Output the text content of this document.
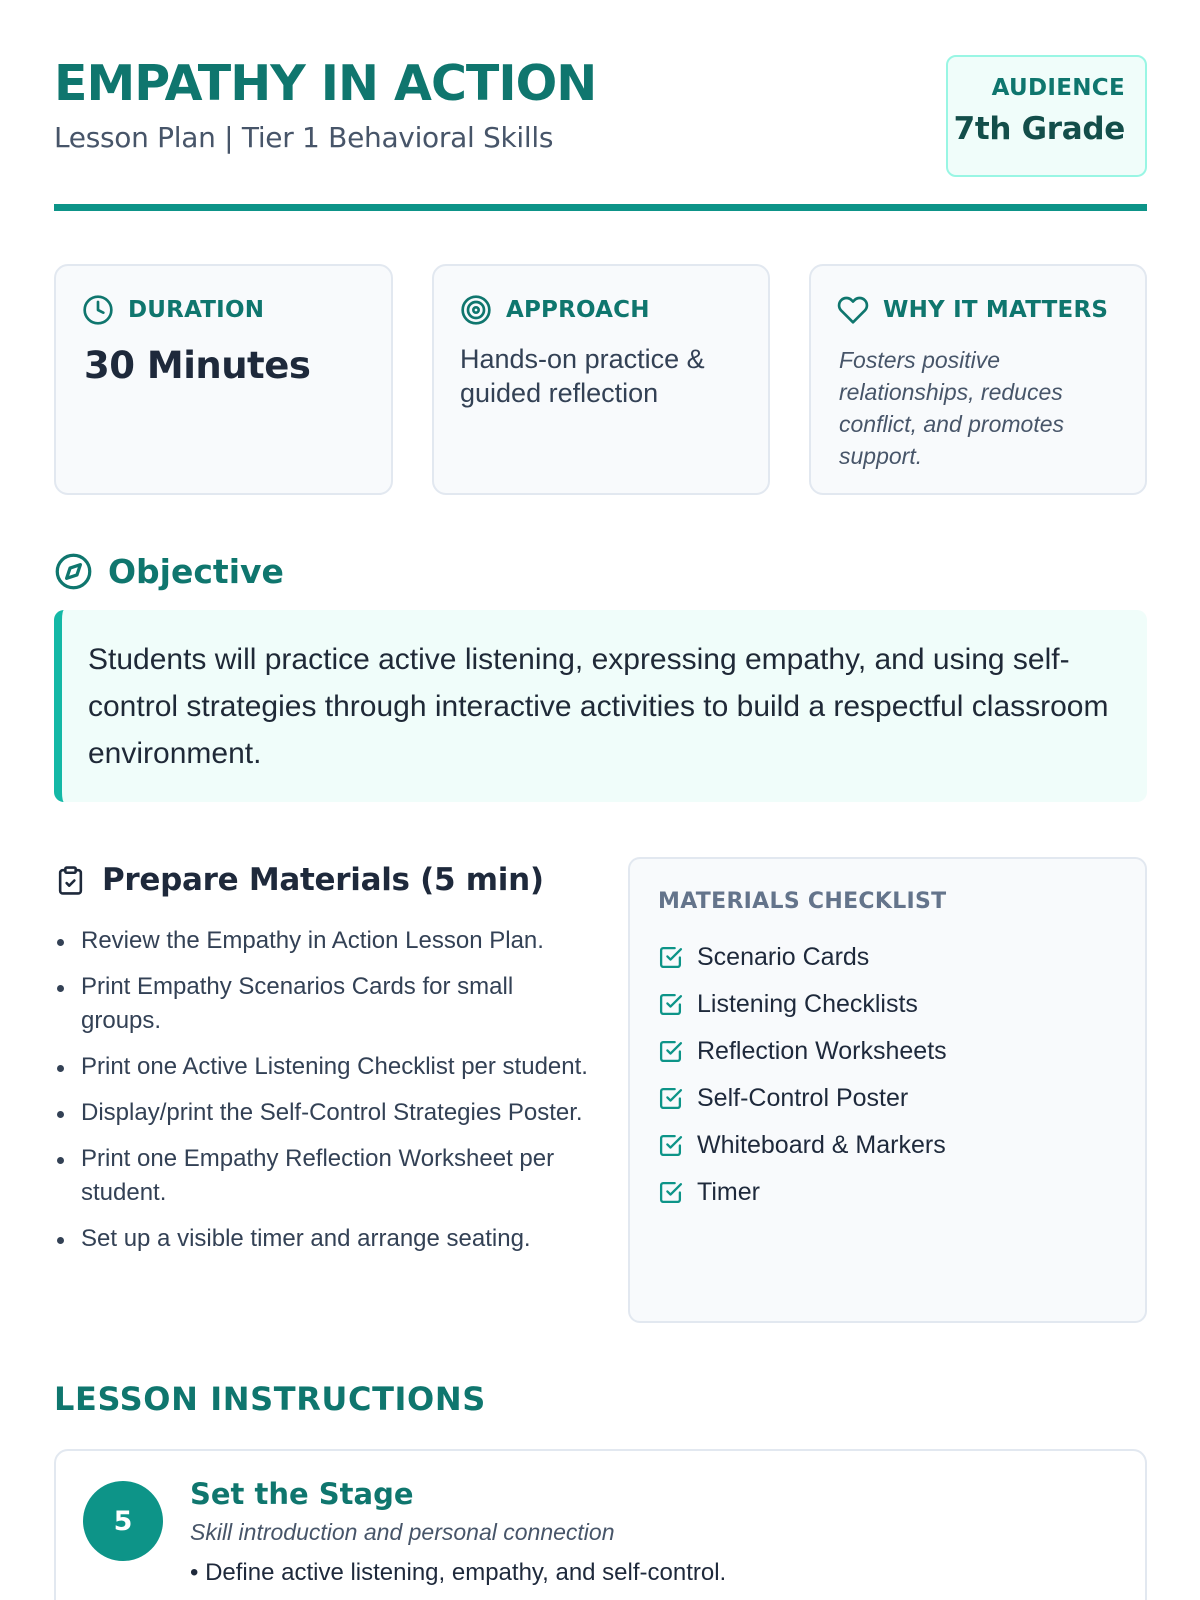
EMPATHY IN ACTION
Lesson Plan | Tier 1 Behavioral Skills
AUDIENCE
7th Grade
DURATION
30 Minutes
APPROACH
Hands-on practice & guided reflection
WHY IT MATTERS
Fosters positive relationships, reduces conflict, and promotes support.
Objective
Students will practice active listening, expressing empathy, and using self-control strategies through interactive activities to build a respectful classroom environment.
Prepare Materials (5 min)
Review the Empathy in Action Lesson Plan.
Print Empathy Scenarios Cards for small groups.
Print one Active Listening Checklist per student.
Display/print the Self-Control Strategies Poster.
Print one Empathy Reflection Worksheet per student.
Set up a visible timer and arrange seating.
MATERIALS CHECKLIST
Scenario Cards
Listening Checklists
Reflection Worksheets
Self-Control Poster
Whiteboard & Markers
Timer
LESSON INSTRUCTIONS
5
Set the Stage
Skill introduction and personal connection
• Define active listening, empathy, and self-control.
